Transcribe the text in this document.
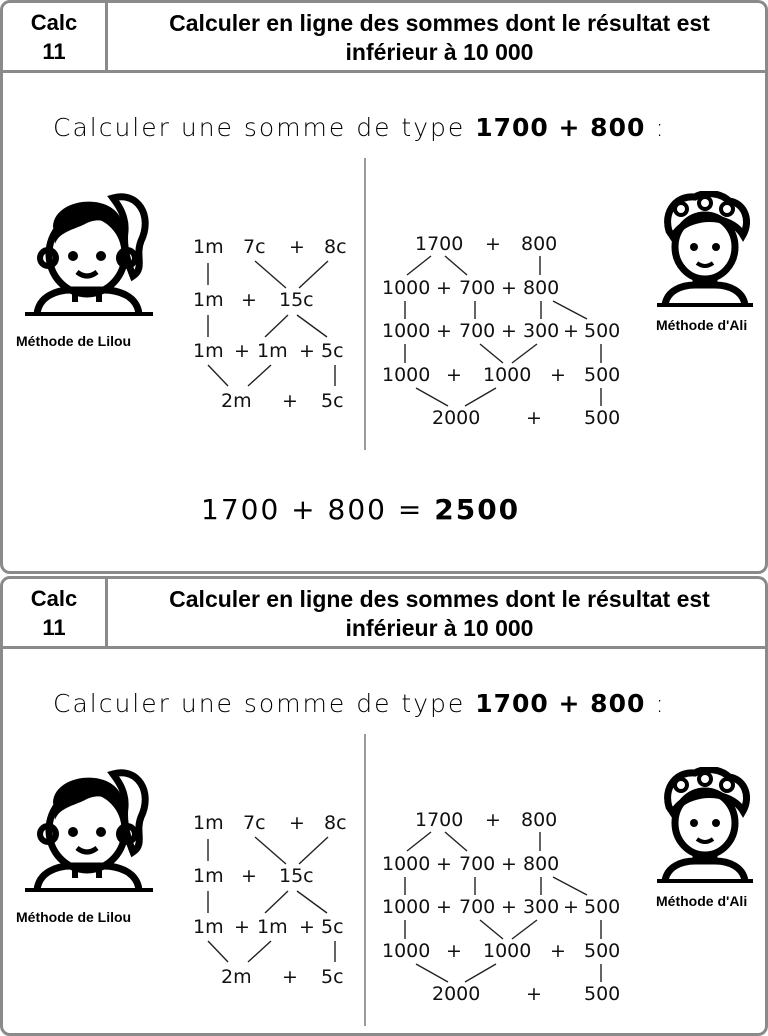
Calc
11
Calculer en ligne des sommes dont le résultat est
inférieur à 10 000
Calculer une somme de type 1700 + 800 :
Méthode de Lilou
Méthode d'Ali
1m 7c + 8c
1m + 15c
1m + 1m + 5c
2m + 5c
1700 + 800
1000 + 700 + 800
1000 + 700 + 300 + 500
1000 + 1000 + 500
2000 + 500
1700 + 800 = 2500
Calc
11
Calculer en ligne des sommes dont le résultat est
inférieur à 10 000
Calculer une somme de type 1700 + 800 :
Méthode de Lilou
Méthode d'Ali
1m 7c + 8c
1m + 15c
1m + 1m + 5c
2m + 5c
1700 + 800
1000 + 700 + 800
1000 + 700 + 300 + 500
1000 + 1000 + 500
2000 + 500
